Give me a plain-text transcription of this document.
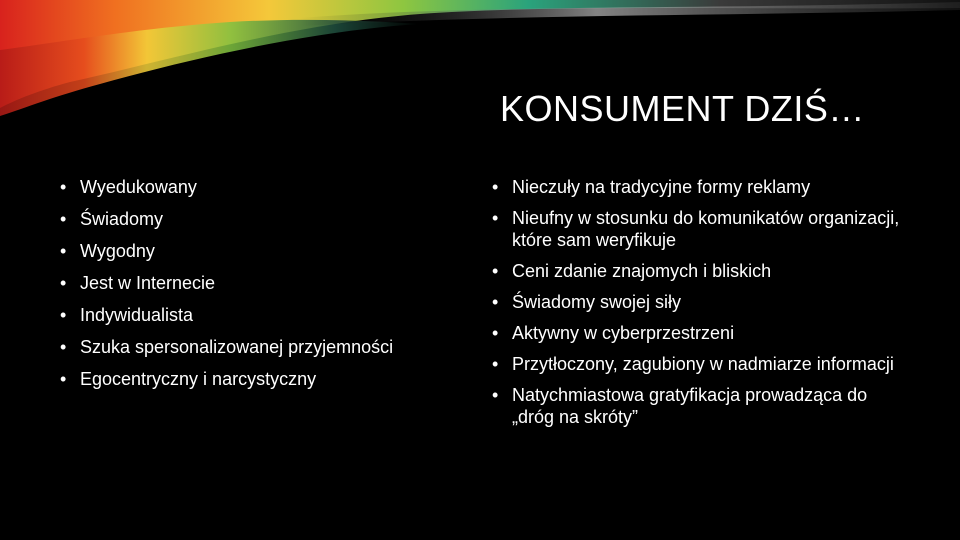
KONSUMENT DZIŚ…
• Wyedukowany
• Świadomy
• Wygodny
• Jest w Internecie
• Indywidualista
• Szuka spersonalizowanej przyjemności
• Egocentryczny i narcystyczny
• Nieczuły na tradycyjne formy reklamy
• Nieufny w stosunku do komunikatów organizacji, które sam weryfikuje
• Ceni zdanie znajomych i bliskich
• Świadomy swojej siły
• Aktywny w cyberprzestrzeni
• Przytłoczony, zagubiony w nadmiarze informacji
• Natychmiastowa gratyfikacja prowadząca do „dróg na skróty”
